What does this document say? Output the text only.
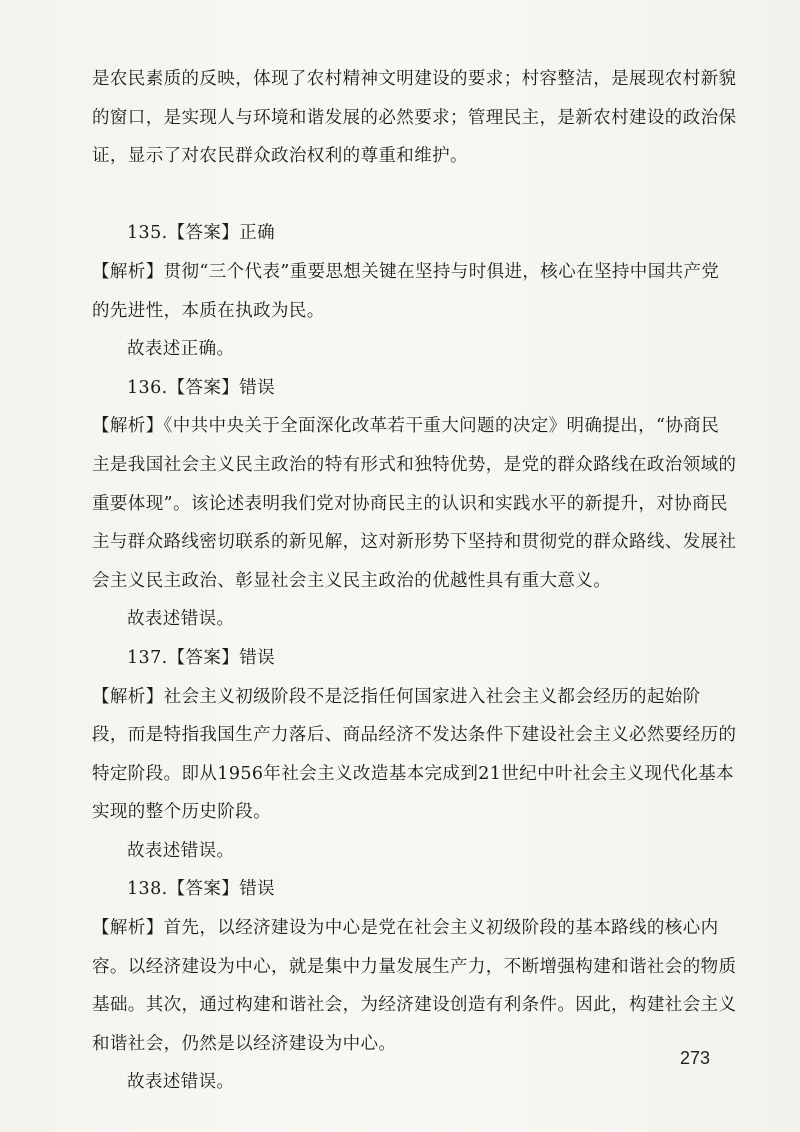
是农民素质的反映，体现了农村精神文明建设的要求；村容整洁，是展现农村新貌
的窗口，是实现人与环境和谐发展的必然要求；管理民主，是新农村建设的政治保
证，显示了对农民群众政治权利的尊重和维护。
135.【答案】正确
【解析】贯彻“三个代表”重要思想关键在坚持与时俱进，核心在坚持中国共产党
的先进性，本质在执政为民。
故表述正确。
136.【答案】错误
【解析】《中共中央关于全面深化改革若干重大问题的决定》明确提出，“协商民
主是我国社会主义民主政治的特有形式和独特优势，是党的群众路线在政治领域的
重要体现”。该论述表明我们党对协商民主的认识和实践水平的新提升，对协商民
主与群众路线密切联系的新见解，这对新形势下坚持和贯彻党的群众路线、发展社
会主义民主政治、彰显社会主义民主政治的优越性具有重大意义。
故表述错误。
137.【答案】错误
【解析】社会主义初级阶段不是泛指任何国家进入社会主义都会经历的起始阶
段，而是特指我国生产力落后、商品经济不发达条件下建设社会主义必然要经历的
特定阶段。即从1956年社会主义改造基本完成到21世纪中叶社会主义现代化基本
实现的整个历史阶段。
故表述错误。
138.【答案】错误
【解析】首先，以经济建设为中心是党在社会主义初级阶段的基本路线的核心内
容。以经济建设为中心，就是集中力量发展生产力，不断增强构建和谐社会的物质
基础。其次，通过构建和谐社会，为经济建设创造有利条件。因此，构建社会主义
和谐社会，仍然是以经济建设为中心。
故表述错误。
273
